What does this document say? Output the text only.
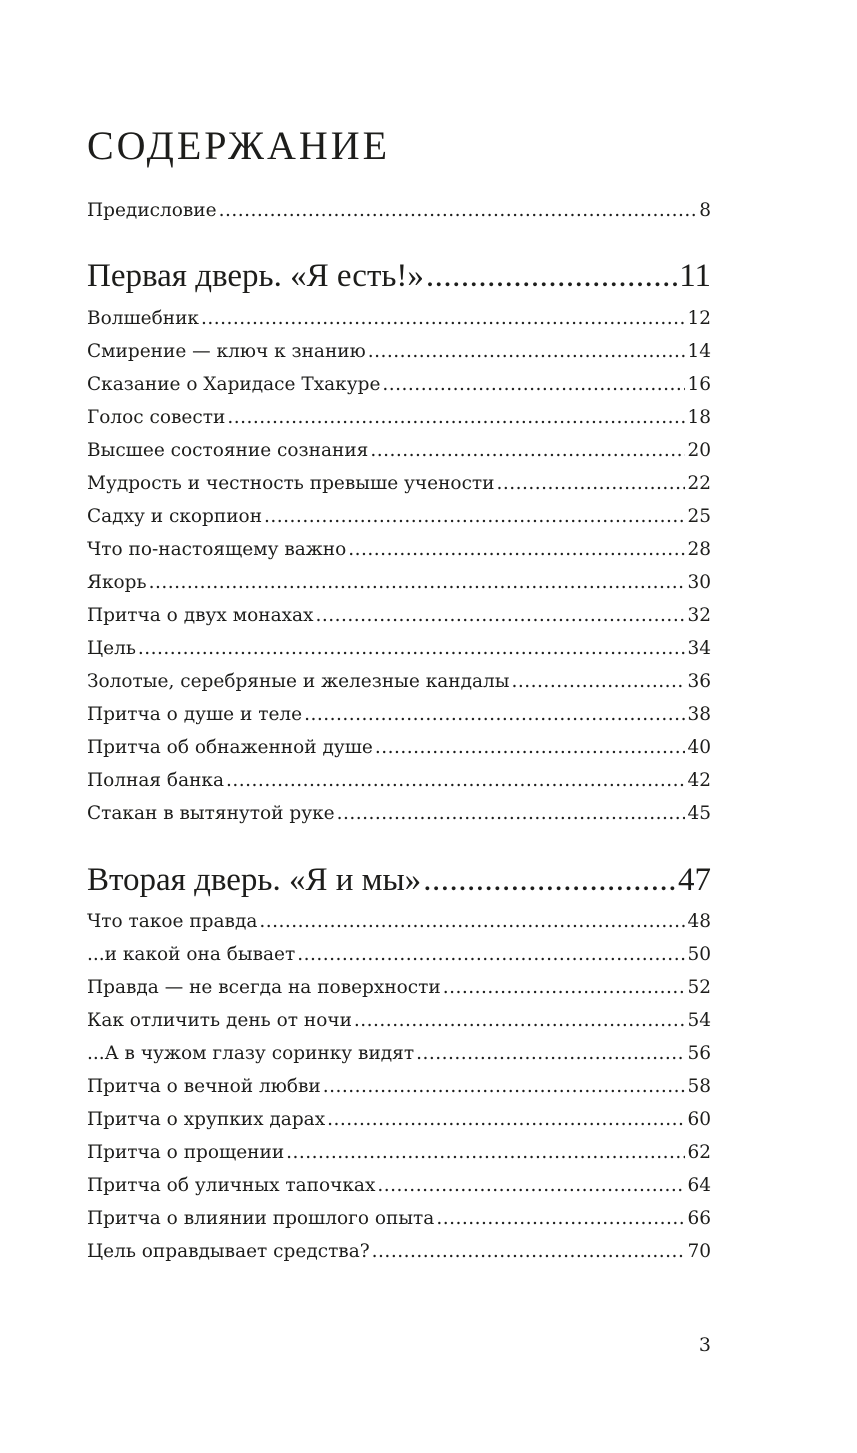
СОДЕРЖАНИЕ
Предисловие .....	8
Первая дверь. «Я есть!» .....	11
Волшебник .....	12
Смирение — ключ к знанию .....	14
Сказание о Харидасе Тхакуре .....	16
Голос совести .....	18
Высшее состояние сознания .....	20
Мудрость и честность превыше учености .....	22
Садху и скорпион .....	25
Что по-настоящему важно .....	28
Якорь .....	30
Притча о двух монахах .....	32
Цель .....	34
Золотые, серебряные и железные кандалы .....	36
Притча о душе и теле .....	38
Притча об обнаженной душе .....	40
Полная банка .....	42
Стакан в вытянутой руке .....	45
Вторая дверь. «Я и мы» .....	47
Что такое правда .....	48
...и какой она бывает .....	50
Правда — не всегда на поверхности .....	52
Как отличить день от ночи .....	54
...А в чужом глазу соринку видят .....	56
Притча о вечной любви .....	58
Притча о хрупких дарах .....	60
Притча о прощении .....	62
Притча об уличных тапочках .....	64
Притча о влиянии прошлого опыта .....	66
Цель оправдывает средства? .....	70
3
